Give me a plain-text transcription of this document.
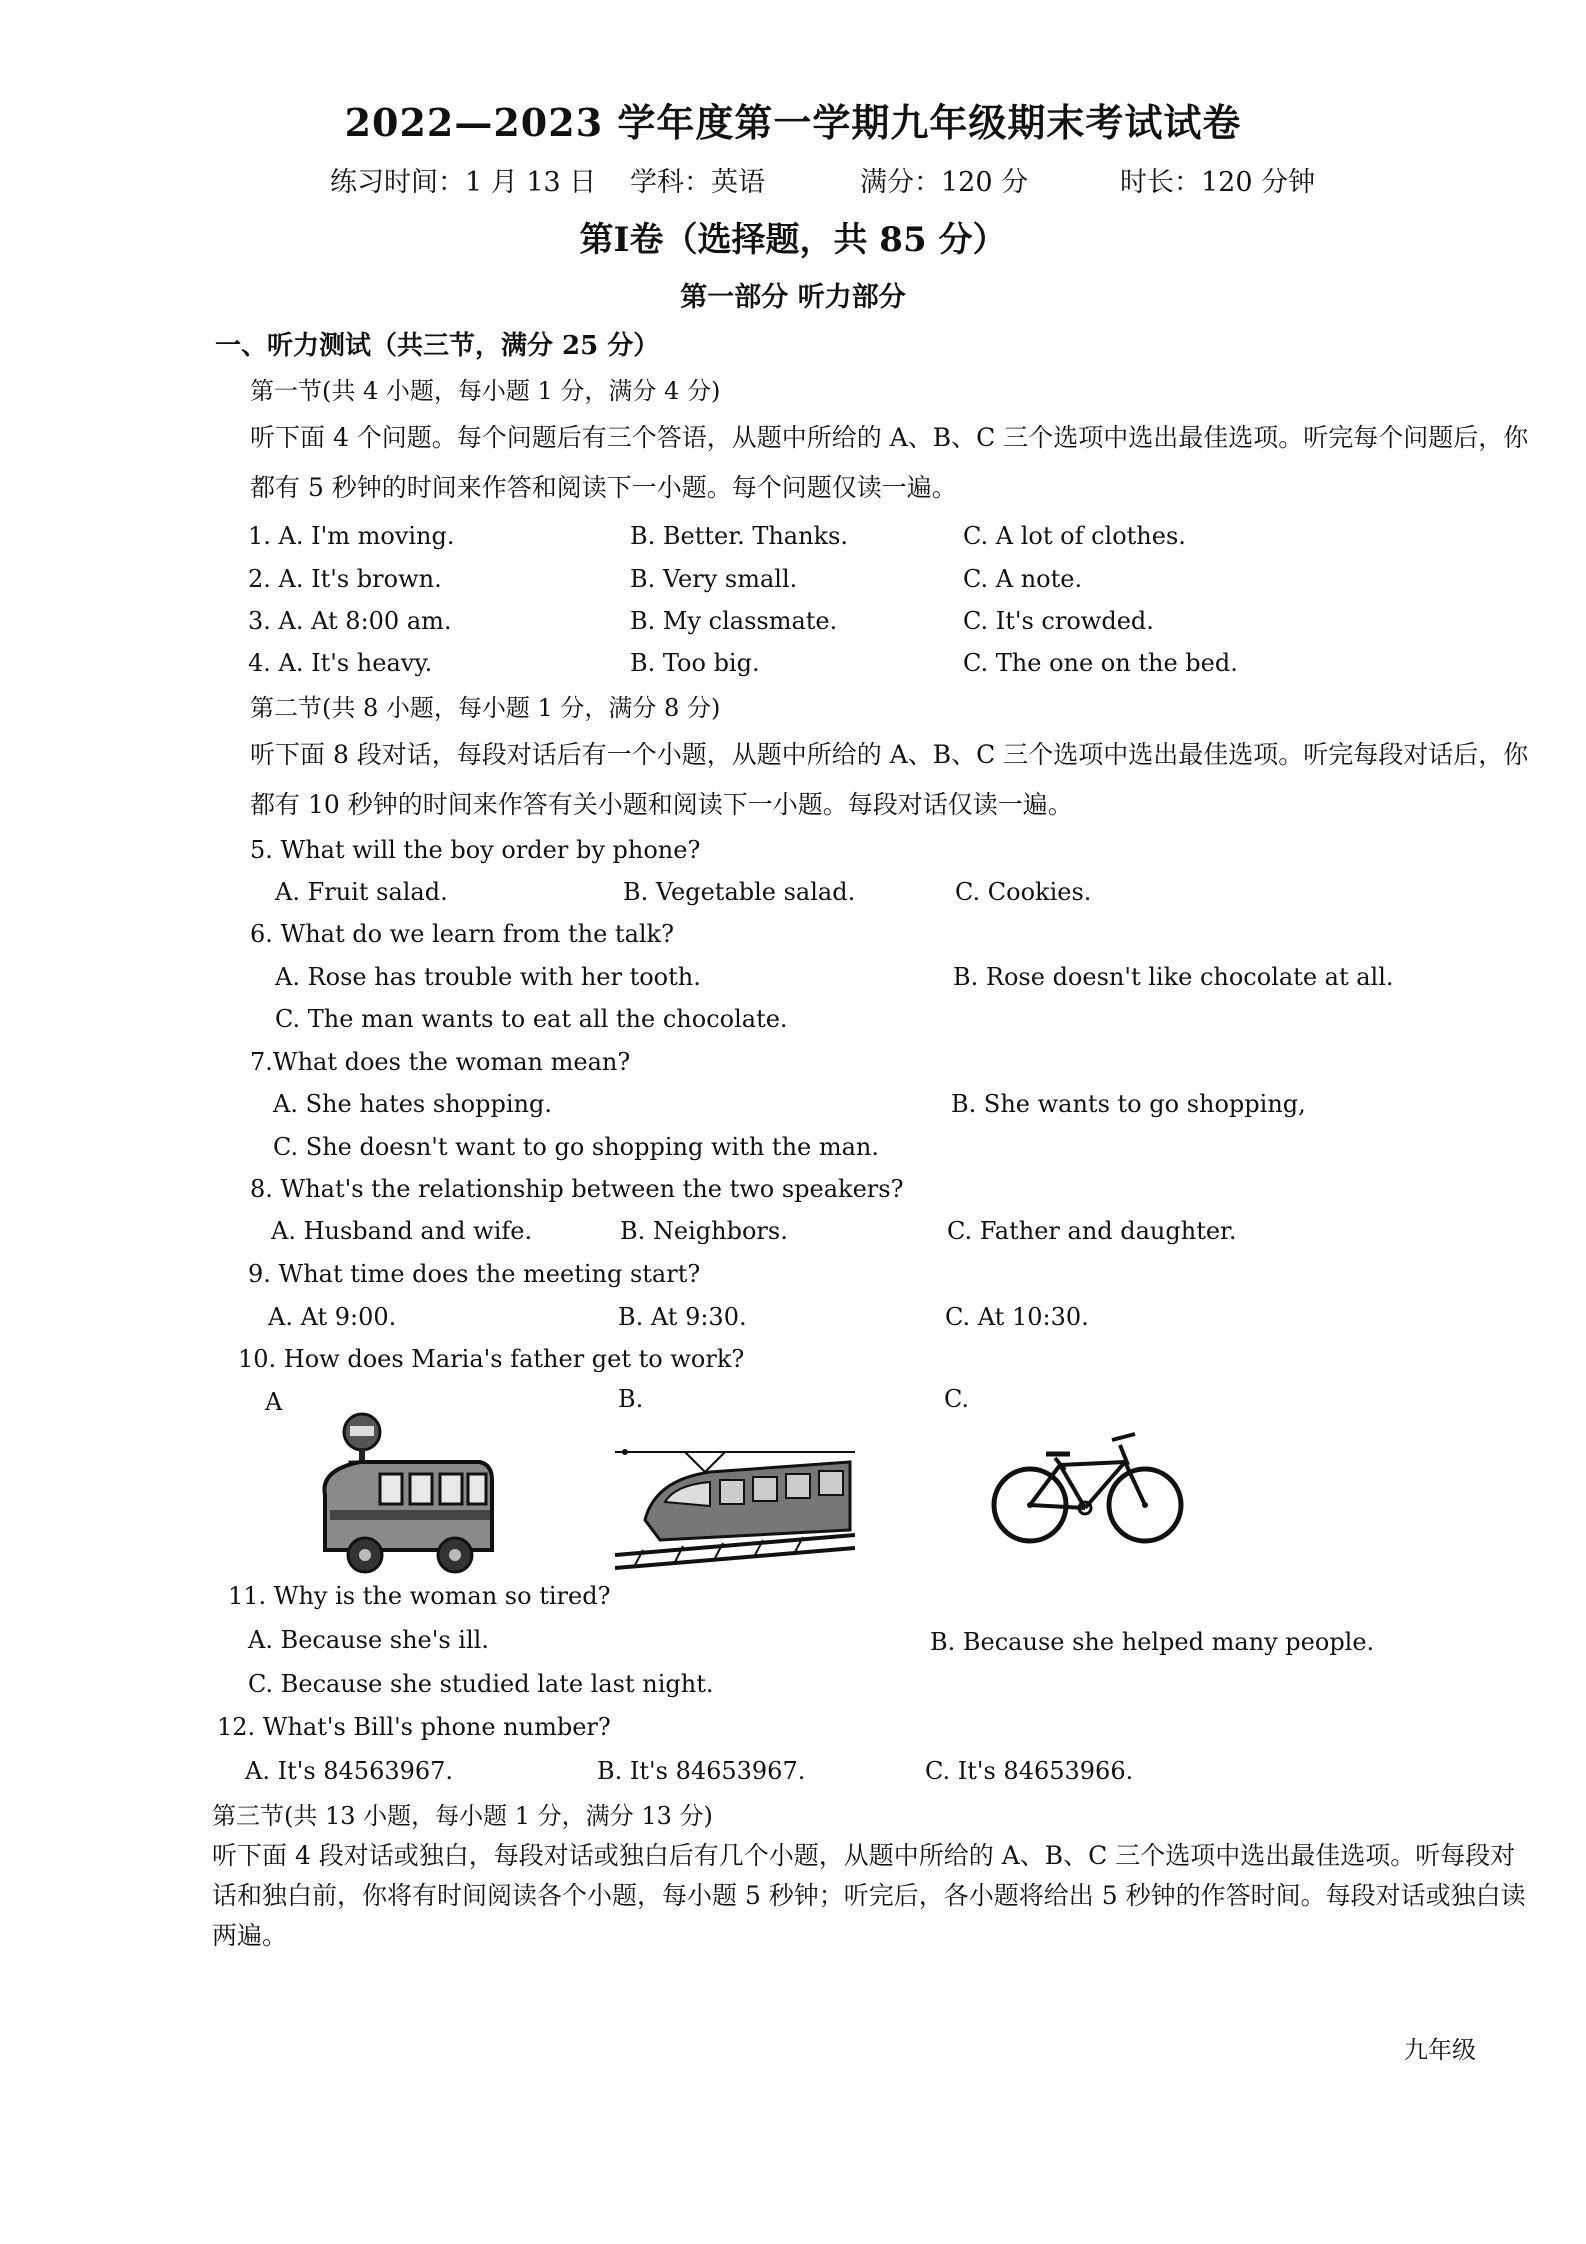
2022—2023 学年度第一学期九年级期末考试试卷
练习时间：1 月 13 日	学科：英语	满分：120 分	时长：120 分钟
第Ⅰ卷（选择题，共 85 分）
第一部分 听力部分
一、听力测试（共三节，满分 25 分）
第一节(共 4 小题，每小题 1 分，满分 4 分)
听下面 4 个问题。每个问题后有三个答语，从题中所给的 A、B、C 三个选项中选出最佳选项。听完每个问题后，你都有 5 秒钟的时间来作答和阅读下一小题。每个问题仅读一遍。
1. A. I'm moving.	B. Better. Thanks.	C. A lot of clothes.
2. A. It's brown.	B. Very small.	C. A note.
3. A. At 8:00 am.	B. My classmate.	C. It's crowded.
4. A. It's heavy.	B. Too big.	C. The one on the bed.
第二节(共 8 小题，每小题 1 分，满分 8 分)
听下面 8 段对话，每段对话后有一个小题，从题中所给的 A、B、C 三个选项中选出最佳选项。听完每段对话后，你都有 10 秒钟的时间来作答有关小题和阅读下一小题。每段对话仅读一遍。
5. What will the boy order by phone?
A. Fruit salad.	B. Vegetable salad.	C. Cookies.
6. What do we learn from the talk?
A. Rose has trouble with her tooth.	B. Rose doesn't like chocolate at all.
C. The man wants to eat all the chocolate.
7.What does the woman mean?
A. She hates shopping.	B. She wants to go shopping,
C. She doesn't want to go shopping with the man.
8. What's the relationship between the two speakers?
A. Husband and wife.	B. Neighbors.	C. Father and daughter.
9. What time does the meeting start?
A. At 9:00.	B. At 9:30.	C. At 10:30.
10. How does Maria's father get to work?
A	B.	C.
11. Why is the woman so tired?
A. Because she's ill.	B. Because she helped many people.
C. Because she studied late last night.
12. What's Bill's phone number?
A. It's 84563967.	B. It's 84653967.	C. It's 84653966.
第三节(共 13 小题，每小题 1 分，满分 13 分)
听下面 4 段对话或独白，每段对话或独白后有几个小题，从题中所给的 A、B、C 三个选项中选出最佳选项。听每段对话和独白前，你将有时间阅读各个小题，每小题 5 秒钟；听完后，各小题将给出 5 秒钟的作答时间。每段对话或独白读两遍。
九年级
